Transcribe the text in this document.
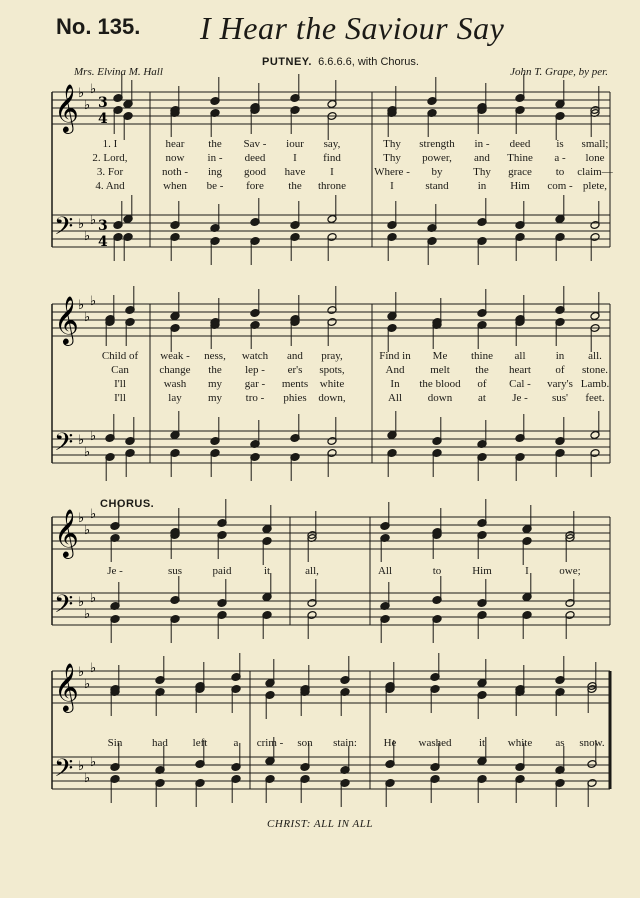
No. 135. I Hear the Saviour Say
PUTNEY. 6.6.6.6, with Chorus.
Mrs. Elvina M. Hall	John T. Grape, by per.
CHORUS.
CHRIST: ALL IN ALL
𝄞
𝄢
♭
♭
♭
♭
♭
♭
3
4
3
4
𝄞
𝄢
♭
♭
♭
♭
♭
♭
𝄞
𝄢
♭
♭
♭
♭
♭
♭
𝄞
𝄢
♭
♭
♭
♭
♭
♭
1. I	hear the Sav - iour say,	Thy strength in - deed is small;
2. Lord,	now in - deed	I find	Thy power, and Thine a - lone
3. For	noth - ing good have I	Where - by	Thy grace to claim—
4. And	when be - fore the throne	I	stand	in Him com - plete,
Child of weak - ness, watch and pray,	Find in Me thine all	in all.
Can	change the lep - er's spots,	And melt the heart of stone.
I'll	wash my gar - ments white	In the blood of Cal - vary's Lamb.
I'll	lay my tro - phies down,	All down at Je - sus' feet.
Je -	sus	paid	it	all,	All	to	Him	I	owe;
Sin	had left a crim - son stain: He washed it white as snow.
